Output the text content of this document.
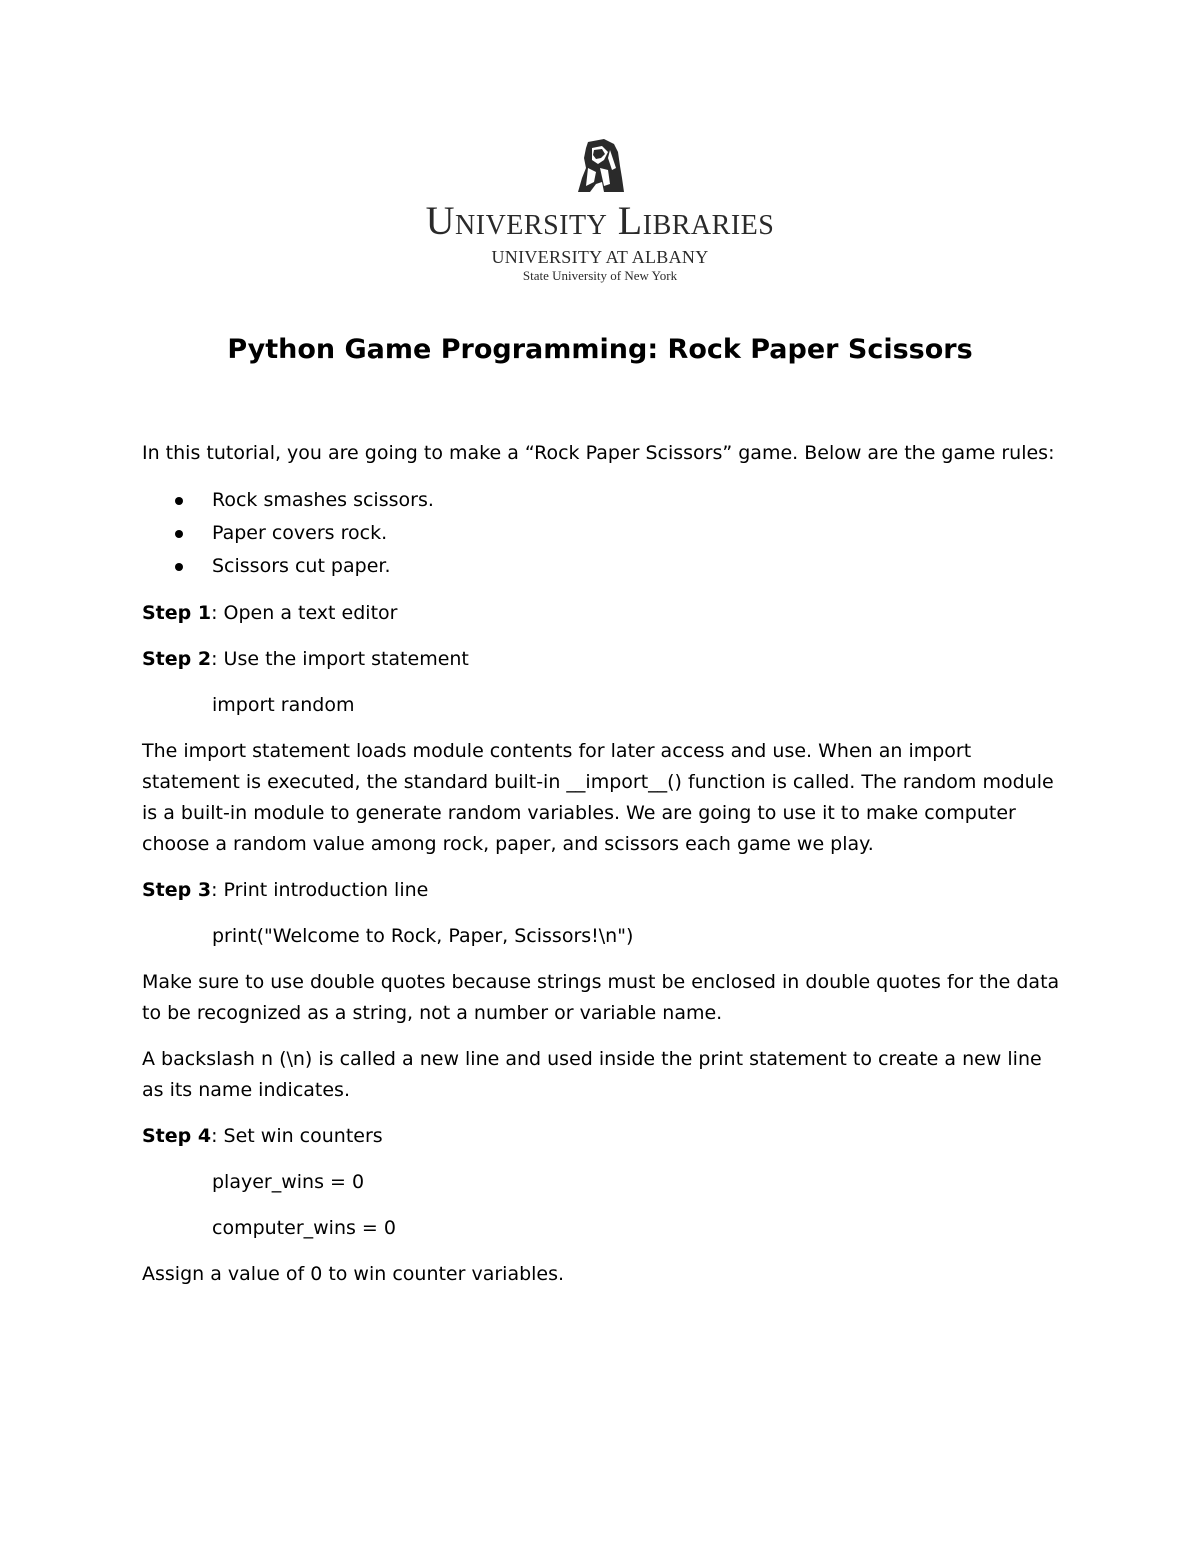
University Libraries
UNIVERSITY AT ALBANY
State University of New York
Python Game Programming: Rock Paper Scissors

In this tutorial, you are going to make a “Rock Paper Scissors” game. Below are the game rules:

Rock smashes scissors.
Paper covers rock.
Scissors cut paper.

Step 1: Open a text editor

Step 2: Use the import statement

import random

The import statement loads module contents for later access and use. When an import statement is executed, the standard built-in __import__() function is called. The random module is a built-in module to generate random variables. We are going to use it to make computer choose a random value among rock, paper, and scissors each game we play.

Step 3: Print introduction line

print("Welcome to Rock, Paper, Scissors!\n")

Make sure to use double quotes because strings must be enclosed in double quotes for the data to be recognized as a string, not a number or variable name.

A backslash n (\n) is called a new line and used inside the print statement to create a new line as its name indicates.

Step 4: Set win counters

player_wins = 0

computer_wins = 0

Assign a value of 0 to win counter variables.
